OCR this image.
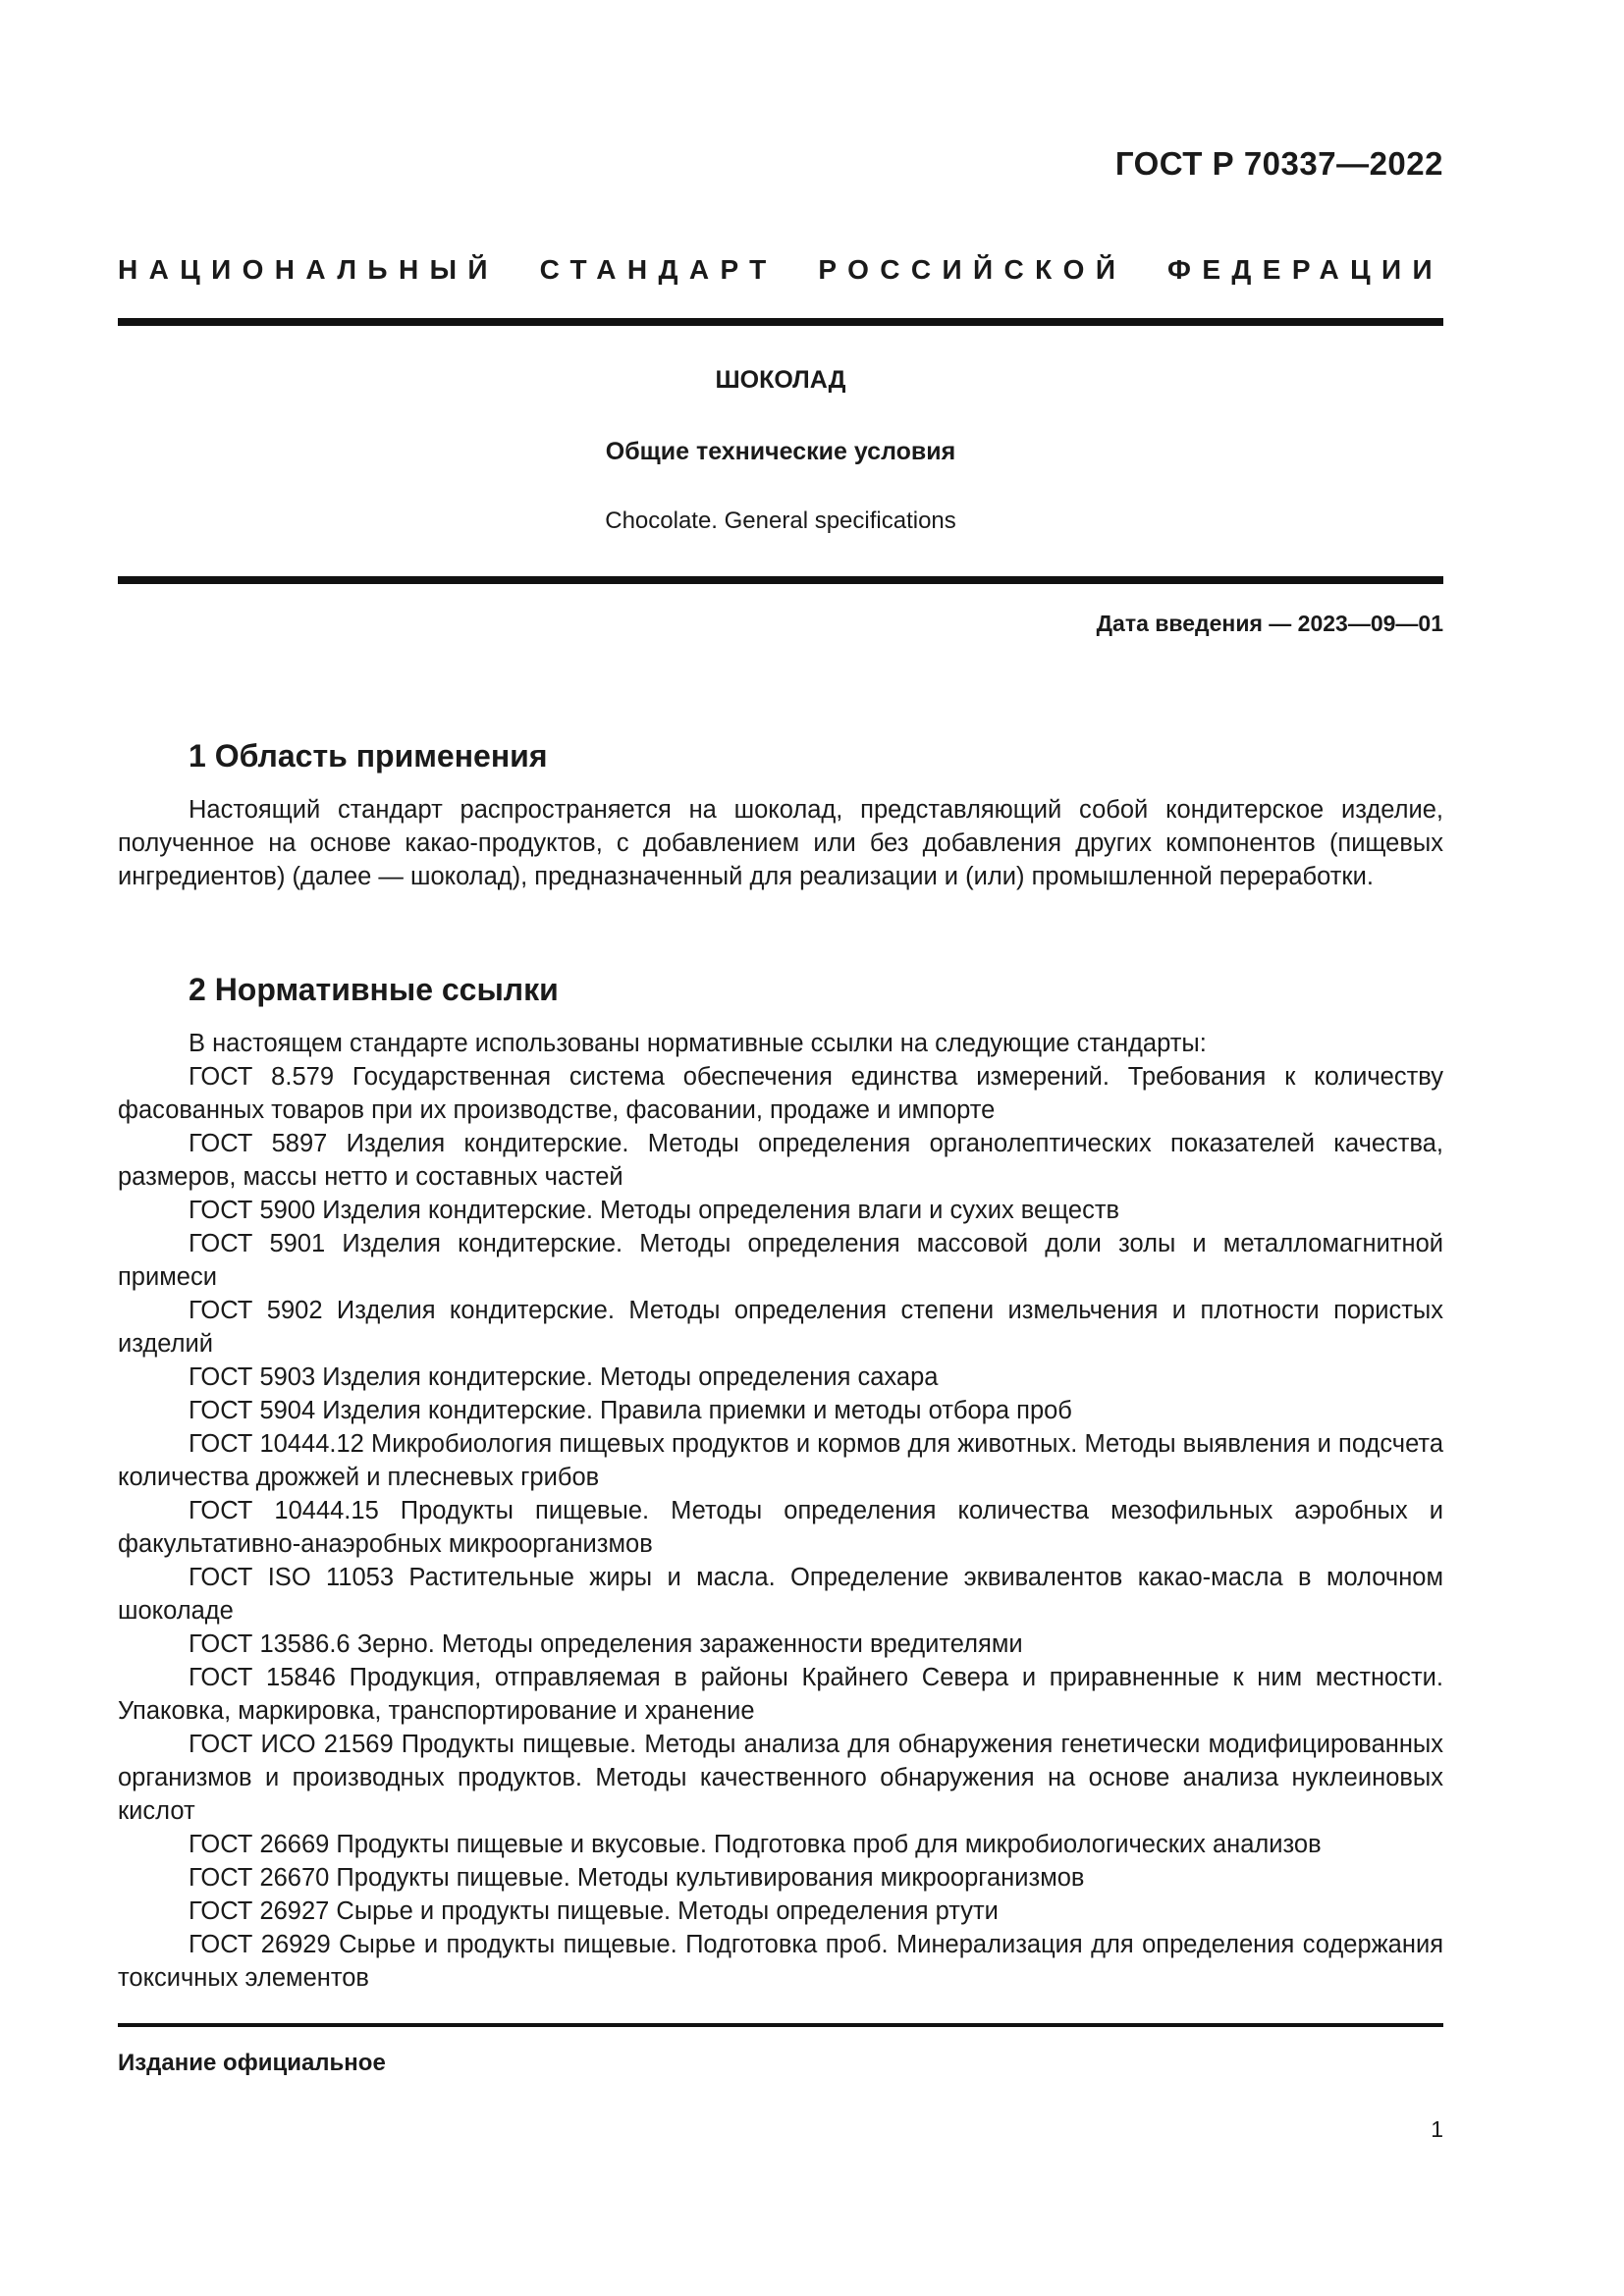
ГОСТ Р 70337—2022
НАЦИОНАЛЬНЫЙ СТАНДАРТ РОССИЙСКОЙ ФЕДЕРАЦИИ
ШОКОЛАД
Общие технические условия
Chocolate. General specifications
Дата введения — 2023—09—01
1 Область применения

Настоящий стандарт распространяется на шоколад, представляющий собой кондитерское изделие, полученное на основе какао-продуктов, с добавлением или без добавления других компонентов (пищевых ингредиентов) (далее — шоколад), предназначенный для реализации и (или) промышленной переработки.

2 Нормативные ссылки

В настоящем стандарте использованы нормативные ссылки на следующие стандарты:

ГОСТ 8.579 Государственная система обеспечения единства измерений. Требования к количеству фасованных товаров при их производстве, фасовании, продаже и импорте

ГОСТ 5897 Изделия кондитерские. Методы определения органолептических показателей качества, размеров, массы нетто и составных частей

ГОСТ 5900 Изделия кондитерские. Методы определения влаги и сухих веществ

ГОСТ 5901 Изделия кондитерские. Методы определения массовой доли золы и металломагнитной примеси

ГОСТ 5902 Изделия кондитерские. Методы определения степени измельчения и плотности пористых изделий

ГОСТ 5903 Изделия кондитерские. Методы определения сахара

ГОСТ 5904 Изделия кондитерские. Правила приемки и методы отбора проб

ГОСТ 10444.12 Микробиология пищевых продуктов и кормов для животных. Методы выявления и подсчета количества дрожжей и плесневых грибов

ГОСТ 10444.15 Продукты пищевые. Методы определения количества мезофильных аэробных и факультативно-анаэробных микроорганизмов

ГОСТ ISO 11053 Растительные жиры и масла. Определение эквивалентов какао-масла в молочном шоколаде

ГОСТ 13586.6 Зерно. Методы определения зараженности вредителями

ГОСТ 15846 Продукция, отправляемая в районы Крайнего Севера и приравненные к ним местности. Упаковка, маркировка, транспортирование и хранение

ГОСТ ИСО 21569 Продукты пищевые. Методы анализа для обнаружения генетически модифицированных организмов и производных продуктов. Методы качественного обнаружения на основе анализа нуклеиновых кислот

ГОСТ 26669 Продукты пищевые и вкусовые. Подготовка проб для микробиологических анализов

ГОСТ 26670 Продукты пищевые. Методы культивирования микроорганизмов

ГОСТ 26927 Сырье и продукты пищевые. Методы определения ртути

ГОСТ 26929 Сырье и продукты пищевые. Подготовка проб. Минерализация для определения содержания токсичных элементов

Издание официальное
1
